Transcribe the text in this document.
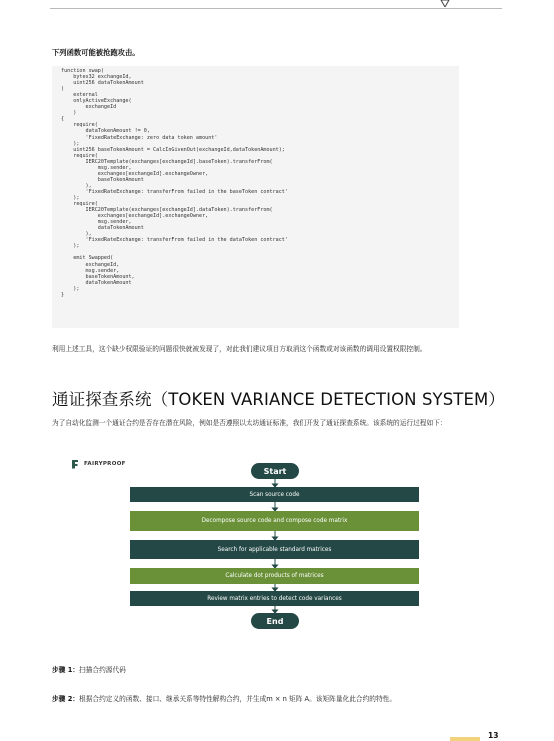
下列函数可能被抢跑攻击。
function swap(
bytes32 exchangeId,
uint256 dataTokenAmount
)
external
onlyActiveExchange(
exchangeId
)
{
require(
dataTokenAmount != 0,
'FixedRateExchange: zero data token amount'
);
uint256 baseTokenAmount = CalcInGivenOut(exchangeId,dataTokenAmount);
require(
IERC20Template(exchanges[exchangeId].baseToken).transferFrom(
msg.sender,
exchanges[exchangeId].exchangeOwner,
baseTokenAmount
),
'FixedRateExchange: transferFrom failed in the baseToken contract'
);
require(
IERC20Template(exchanges[exchangeId].dataToken).transferFrom(
exchanges[exchangeId].exchangeOwner,
msg.sender,
dataTokenAmount
),
'FixedRateExchange: transferFrom failed in the dataToken contract'
);

emit Swapped(
exchangeId,
msg.sender,
baseTokenAmount,
dataTokenAmount
);
}
利用上述工具，这个缺少权限验证的问题很快就被发现了，对此我们建议项目方取消这个函数或对该函数的调用设置权限控制。
通证探查系统（TOKEN VARIANCE DETECTION SYSTEM）
为了自动化监测一个通证合约是否存在潜在风险，例如是否遵照以太坊通证标准，我们开发了通证探查系统。该系统的运行过程如下：
FAIRYPROOF
Start
Scan source code
Decompose source code and compose code matrix
Search for applicable standard matrices
Calculate dot products of matrices
Review matrix entries to detect code variances
End
步骤 1：扫描合约源代码
步骤 2：根据合约定义的函数、接口、继承关系等特性解构合约，并生成m × n 矩阵 A。该矩阵量化此合约的特性。
13
